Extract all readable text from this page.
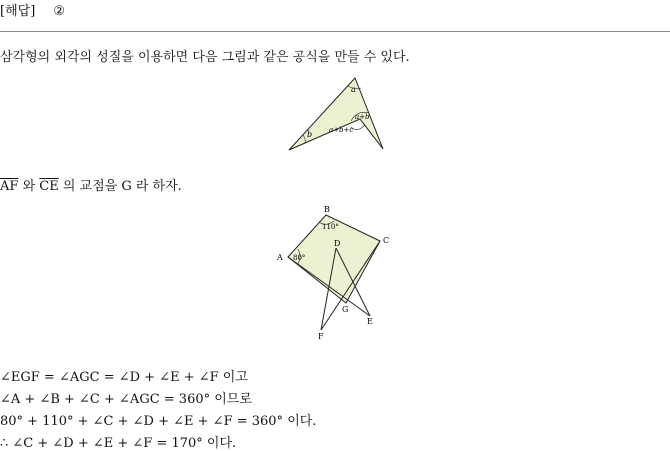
[해답] ②
삼각형의 외각의 성질을 이용하면 다음 그림과 같은 공식을 만들 수 있다.
a
b
a+b
a+b+c
$\overline{AF}$ 와 $\overline{CE}$ 의 교점을 G 라 하자.
B
C
A
D
G
E
F
80°
110°
∠EGF = ∠AGC = ∠D + ∠E + ∠F 이고
∠A + ∠B + ∠C + ∠AGC = 360° 이므로
80° + 110° + ∠C + ∠D + ∠E + ∠F = 360° 이다.
∴ ∠C + ∠D + ∠E + ∠F = 170° 이다.
